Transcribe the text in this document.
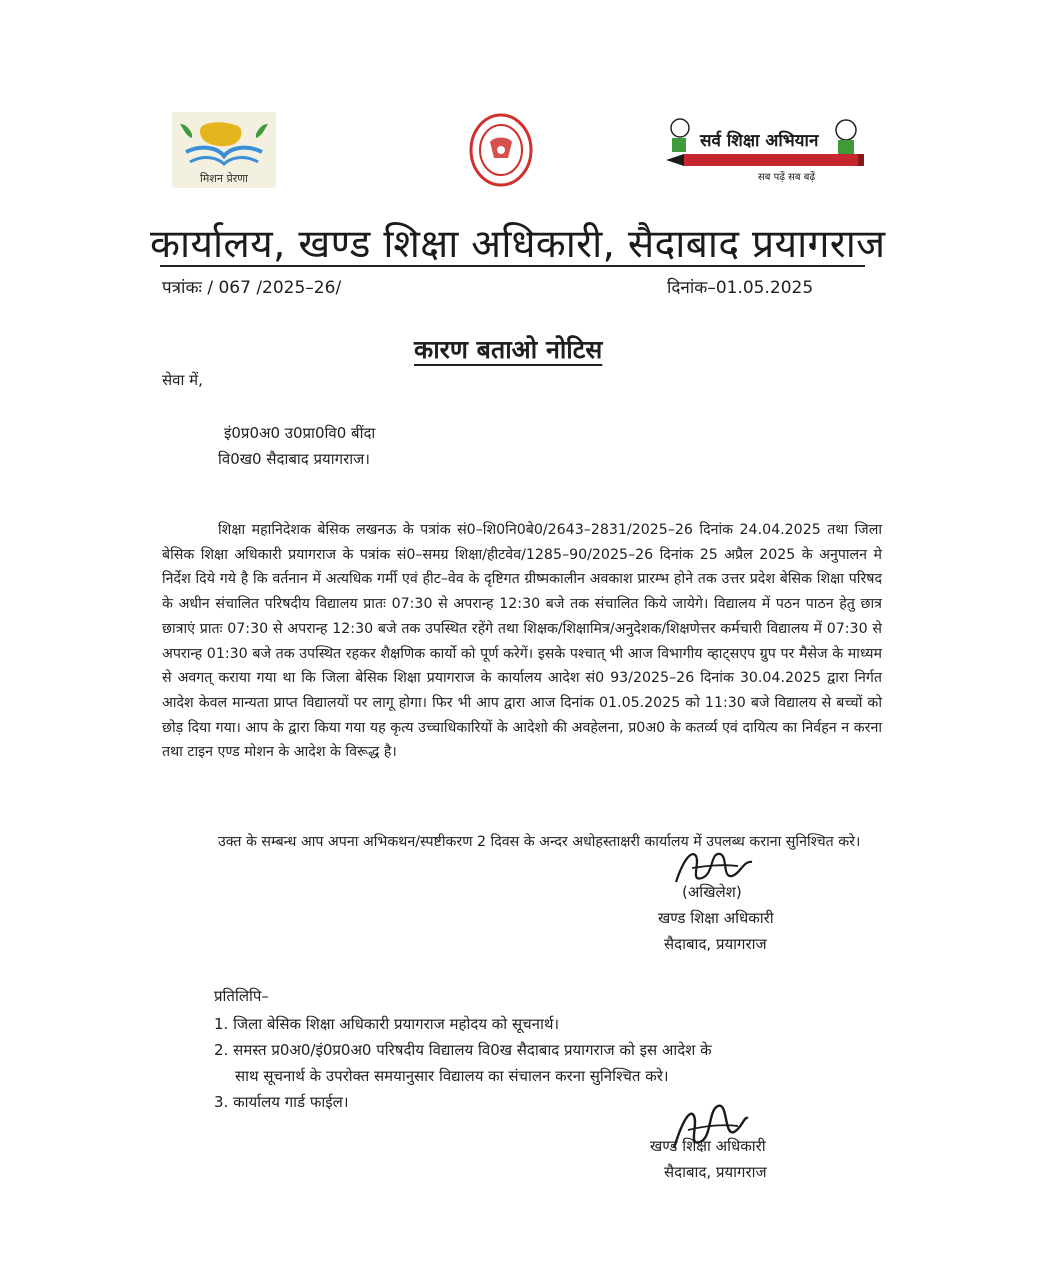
मिशन प्रेरणा
सर्व शिक्षा अभियान
सब पढ़ें सब बढ़ें
कार्यालय, खण्ड शिक्षा अधिकारी, सैदाबाद प्रयागराज
पत्रांकः / 067 /2025–26/	दिनांक–01.05.2025
कारण बताओ नोटिस
सेवा में,
इं0प्र0अ0 उ0प्रा0वि0 बींदा
वि0ख0 सैदाबाद प्रयागराज।

शिक्षा महानिदेशक बेसिक लखनऊ के पत्रांक सं0–शि0नि0बे0/2643–2831/2025–26 दिनांक 24.04.2025 तथा जिला बेसिक शिक्षा अधिकारी प्रयागराज के पत्रांक सं0–समग्र शिक्षा/हीटवेव/1285–90/2025–26 दिनांक 25 अप्रैल 2025 के अनुपालन मे निर्देश दिये गये है कि वर्तनान में अत्यधिक गर्मी एवं हीट–वेव के दृष्टिगत ग्रीष्मकालीन अवकाश प्रारम्भ होने तक उत्तर प्रदेश बेसिक शिक्षा परिषद के अधीन संचालित परिषदीय विद्यालय प्रातः 07:30 से अपरान्ह 12:30 बजे तक संचालित किये जायेगे। विद्यालय में पठन पाठन हेतु छात्र छात्राएं प्रातः 07:30 से अपरान्ह 12:30 बजे तक उपस्थित रहेंगे तथा शिक्षक/शिक्षामित्र/अनुदेशक/शिक्षणेत्तर कर्मचारी विद्यालय में 07:30 से अपरान्ह 01:30 बजे तक उपस्थित रहकर शैक्षणिक कार्यो को पूर्ण करेगें। इसके पश्चात् भी आज विभागीय व्हाट्सएप ग्रुप पर मैसेज के माध्यम से अवगत् कराया गया था कि जिला बेसिक शिक्षा प्रयागराज के कार्यालय आदेश सं0 93/2025–26 दिनांक 30.04.2025 द्वारा निर्गत आदेश केवल मान्यता प्राप्त विद्यालयों पर लागू होगा। फिर भी आप द्वारा आज दिनांक 01.05.2025 को 11:30 बजे विद्यालय से बच्चों को छोड़ दिया गया। आप के द्वारा किया गया यह कृत्य उच्चाधिकारियों के आदेशो की अवहेलना, प्र0अ0 के कतर्व्य एवं दायित्य का निर्वहन न करना तथा टाइन एण्ड मोशन के आदेश के विरूद्ध है।

उक्त के सम्बन्ध आप अपना अभिकथन/स्पष्टीकरण 2 दिवस के अन्दर अधोहस्ताक्षरी कार्यालय में उपलब्ध कराना सुनिश्चित करे।

(अखिलेश)
खण्ड शिक्षा अधिकारी
सैदाबाद, प्रयागराज
प्रतिलिपि–
1. जिला बेसिक शिक्षा अधिकारी प्रयागराज महोदय को सूचनार्थ।
2. समस्त प्र0अ0/इं0प्र0अ0 परिषदीय विद्यालय वि0ख सैदाबाद प्रयागराज को इस आदेश के
साथ सूचनार्थ के उपरोक्त समयानुसार विद्यालय का संचालन करना सुनिश्चित करे।
3. कार्यालय गार्ड फाईल।
खण्ड शिक्षा अधिकारी
सैदाबाद, प्रयागराज
